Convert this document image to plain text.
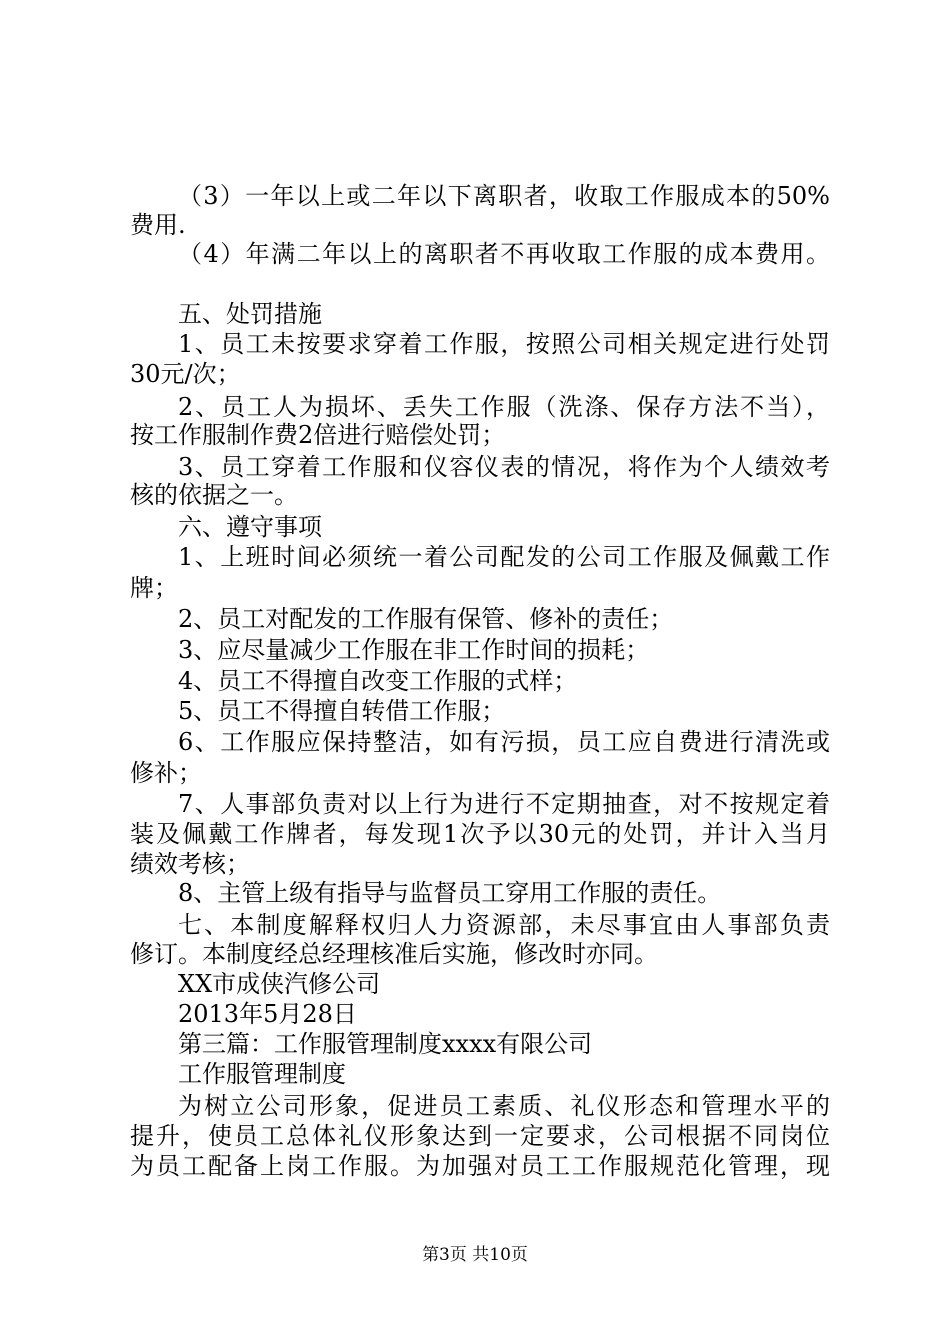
（3）一年以上或二年以下离职者，收取工作服成本的50%
费用.
（4）年满二年以上的离职者不再收取工作服的成本费用。
五、处罚措施
1、员工未按要求穿着工作服，按照公司相关规定进行处罚
30元/次；
2、员工人为损坏、丢失工作服（洗涤、保存方法不当），
按工作服制作费2倍进行赔偿处罚；
3、员工穿着工作服和仪容仪表的情况，将作为个人绩效考
核的依据之一。
六、遵守事项
1、上班时间必须统一着公司配发的公司工作服及佩戴工作
牌；
2、员工对配发的工作服有保管、修补的责任；
3、应尽量减少工作服在非工作时间的损耗；
4、员工不得擅自改变工作服的式样；
5、员工不得擅自转借工作服；
6、工作服应保持整洁，如有污损，员工应自费进行清洗或
修补；
7、人事部负责对以上行为进行不定期抽查，对不按规定着
装及佩戴工作牌者，每发现1次予以30元的处罚，并计入当月
绩效考核；
8、主管上级有指导与监督员工穿用工作服的责任。
七、本制度解释权归人力资源部，未尽事宜由人事部负责
修订。本制度经总经理核准后实施，修改时亦同。
XX市成侠汽修公司
2013年5月28日
第三篇：工作服管理制度xxxx有限公司
工作服管理制度
为树立公司形象，促进员工素质、礼仪形态和管理水平的
提升，使员工总体礼仪形象达到一定要求，公司根据不同岗位
为员工配备上岗工作服。为加强对员工工作服规范化管理，现
第3页 共10页
